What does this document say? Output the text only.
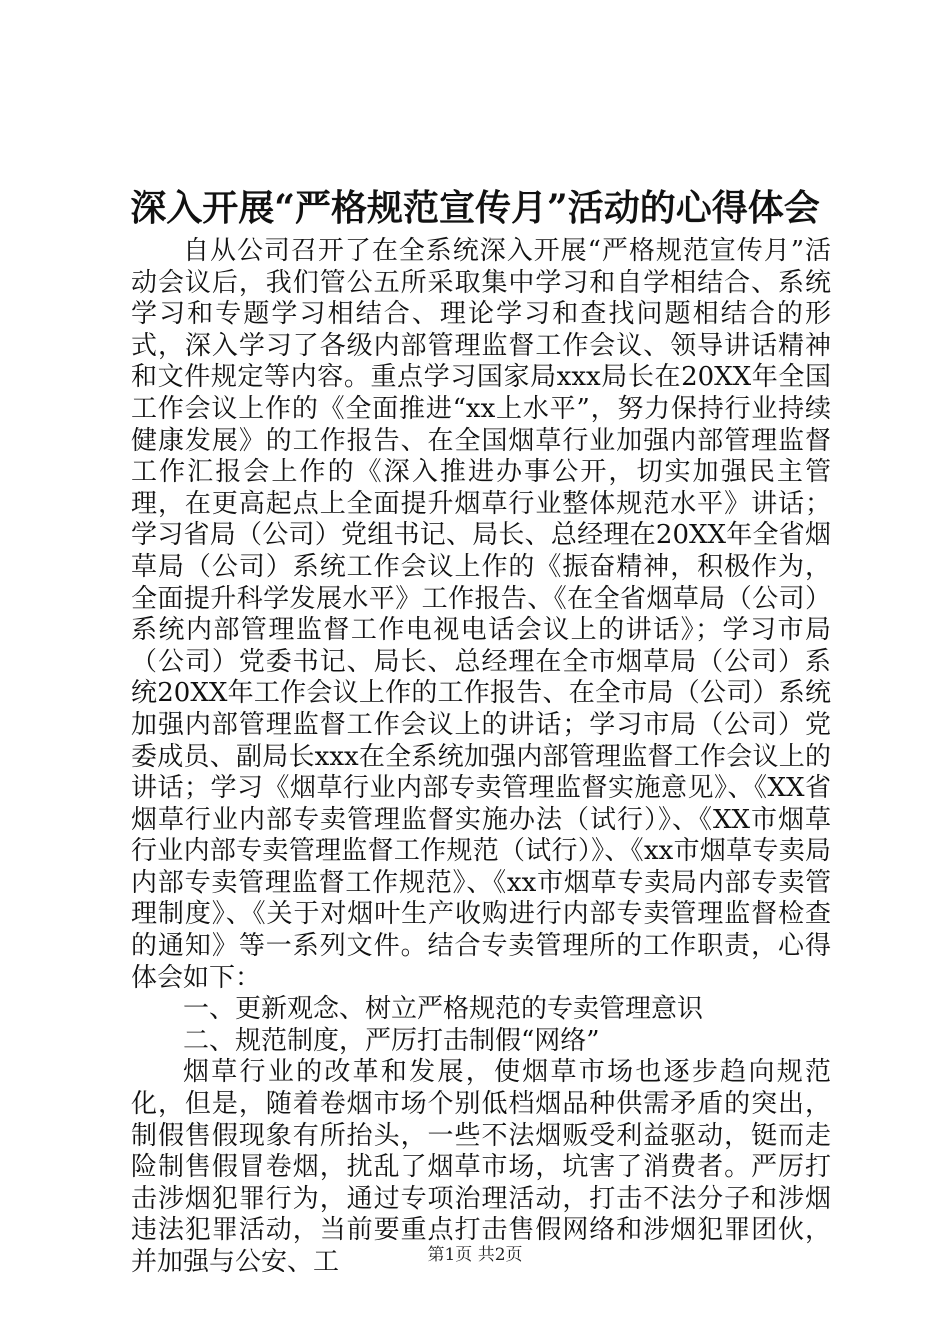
深入开展“严格规范宣传月”活动的心得体会

自从公司召开了在全系统深入开展“严格规范宣传月”活动会议后，我们管公五所采取集中学习和自学相结合、系统学习和专题学习相结合、理论学习和查找问题相结合的形式，深入学习了各级内部管理监督工作会议、领导讲话精神和文件规定等内容。重点学习国家局xxx局长在20XX年全国工作会议上作的《全面推进“xx上水平”，努力保持行业持续健康发展》的工作报告、在全国烟草行业加强内部管理监督工作汇报会上作的《深入推进办事公开，切实加强民主管理，在更高起点上全面提升烟草行业整体规范水平》讲话；学习省局（公司）党组书记、局长、总经理在20XX年全省烟草局（公司）系统工作会议上作的《振奋精神，积极作为，全面提升科学发展水平》工作报告、《在全省烟草局（公司）系统内部管理监督工作电视电话会议上的讲话》；学习市局（公司）党委书记、局长、总经理在全市烟草局（公司）系统20XX年工作会议上作的工作报告、在全市局（公司）系统加强内部管理监督工作会议上的讲话；学习市局（公司）党委成员、副局长xxx在全系统加强内部管理监督工作会议上的讲话；学习《烟草行业内部专卖管理监督实施意见》、《XX省烟草行业内部专卖管理监督实施办法（试行）》、《XX市烟草行业内部专卖管理监督工作规范（试行）》、《xx市烟草专卖局内部专卖管理监督工作规范》、《xx市烟草专卖局内部专卖管理制度》、《关于对烟叶生产收购进行内部专卖管理监督检查的通知》等一系列文件。结合专卖管理所的工作职责，心得体会如下：

一、更新观念、树立严格规范的专卖管理意识

二、规范制度，严厉打击制假“网络”

烟草行业的改革和发展，使烟草市场也逐步趋向规范化，但是，随着卷烟市场个别低档烟品种供需矛盾的突出，制假售假现象有所抬头，一些不法烟贩受利益驱动，铤而走险制售假冒卷烟，扰乱了烟草市场，坑害了消费者。严厉打击涉烟犯罪行为，通过专项治理活动，打击不法分子和涉烟违法犯罪活动，当前要重点打击售假网络和涉烟犯罪团伙，并加强与公安、工	第1页 共2页
